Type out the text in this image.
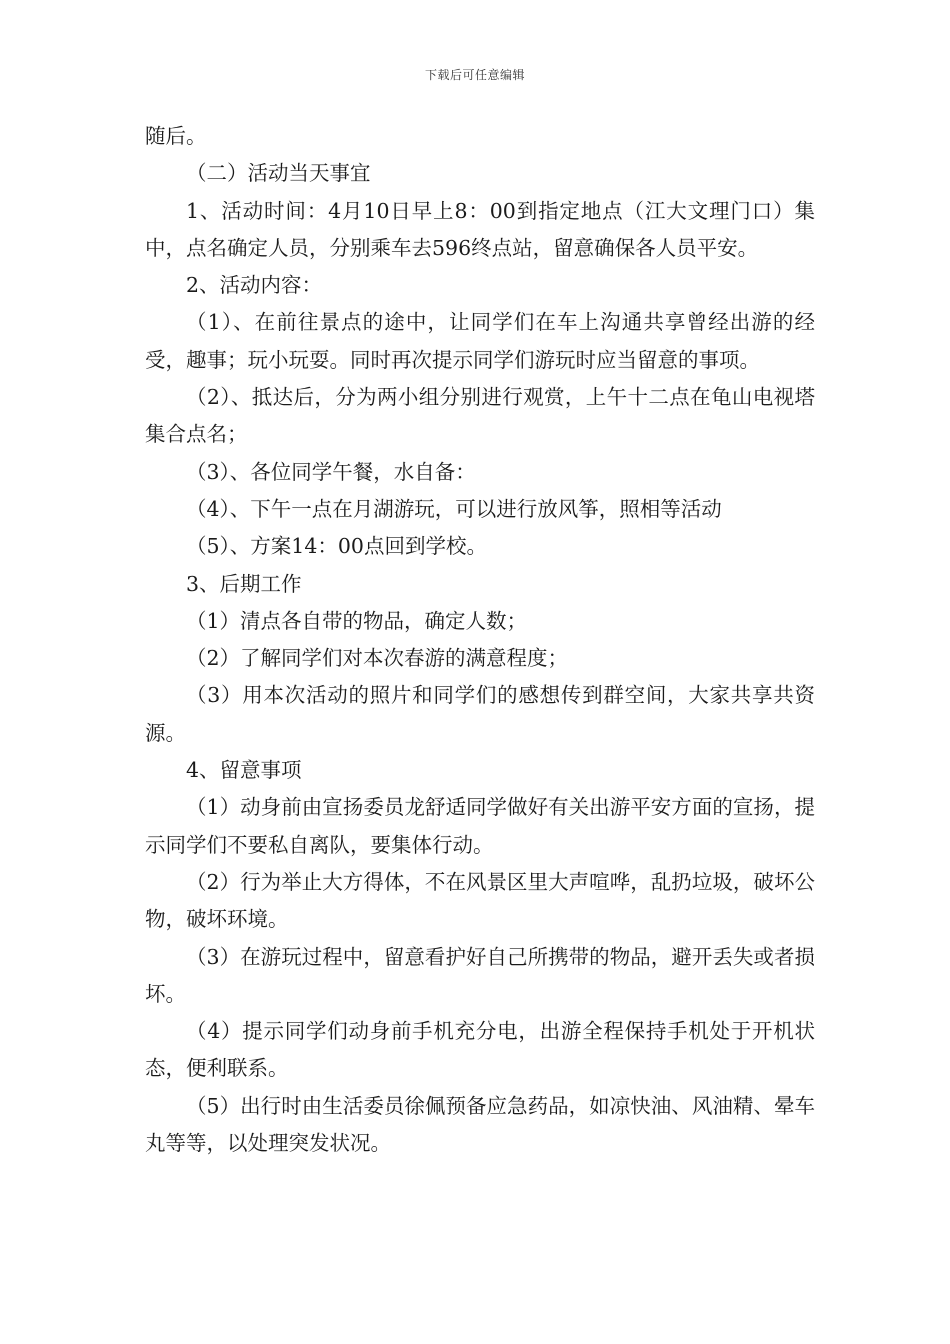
下载后可任意编辑

随后。

（二）活动当天事宜

1、活动时间：4月10日早上8：00到指定地点（江大文理门口）集中，点名确定人员，分别乘车去596终点站，留意确保各人员平安。

2、活动内容：

（1）、在前往景点的途中，让同学们在车上沟通共享曾经出游的经受，趣事；玩小玩耍。同时再次提示同学们游玩时应当留意的事项。

（2）、抵达后，分为两小组分别进行观赏，上午十二点在龟山电视塔集合点名；

（3）、各位同学午餐，水自备：

（4）、下午一点在月湖游玩，可以进行放风筝，照相等活动

（5）、方案14：00点回到学校。

3、后期工作

（1）清点各自带的物品，确定人数；

（2）了解同学们对本次春游的满意程度；

（3）用本次活动的照片和同学们的感想传到群空间，大家共享共资源。

4、留意事项

（1）动身前由宣扬委员龙舒适同学做好有关出游平安方面的宣扬，提示同学们不要私自离队，要集体行动。

（2）行为举止大方得体，不在风景区里大声喧哗，乱扔垃圾，破坏公物，破坏环境。

（3）在游玩过程中，留意看护好自己所携带的物品，避开丢失或者损坏。

（4）提示同学们动身前手机充分电，出游全程保持手机处于开机状态，便利联系。

（5）出行时由生活委员徐佩预备应急药品，如凉快油、风油精、晕车丸等等，以处理突发状况。
